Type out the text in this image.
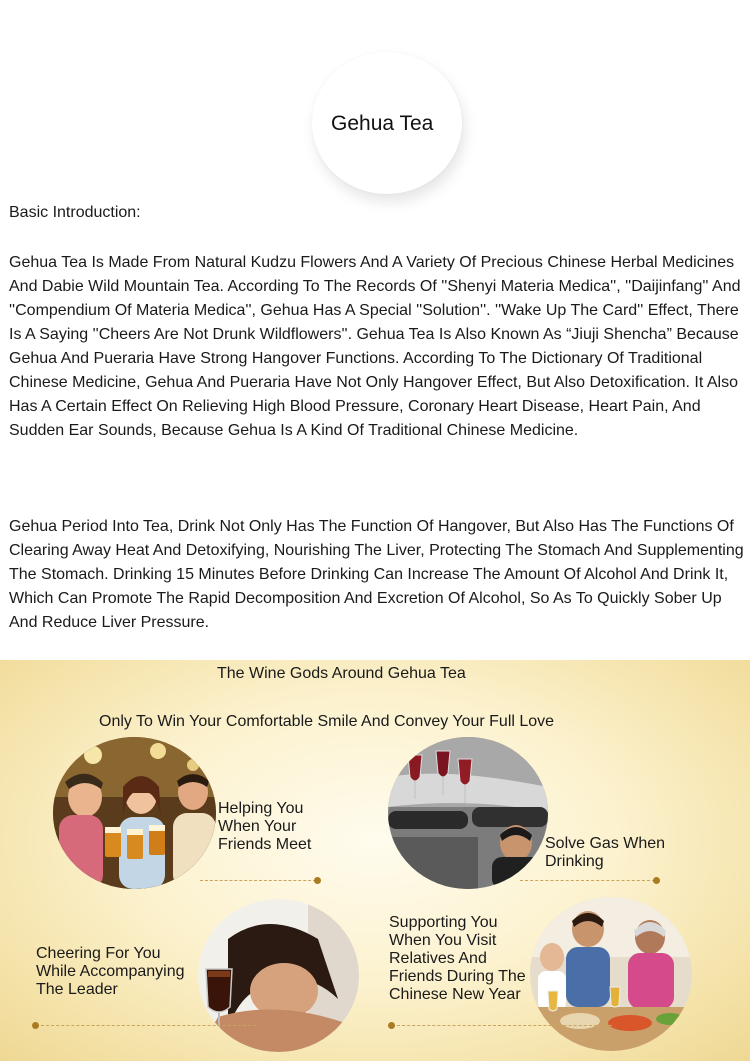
Gehua Tea
Basic Introduction:

Gehua Tea Is Made From Natural Kudzu Flowers And A Variety Of Precious Chinese Herbal Medicines And Dabie Wild Mountain Tea. According To The Records Of ''Shenyi Materia Medica'', ''Daijinfang'' And ''Compendium Of Materia Medica'', Gehua Has A Special ''Solution''. ''Wake Up The Card'' Effect, There Is A Saying ''Cheers Are Not Drunk Wildflowers''. Gehua Tea Is Also Known As “Jiuji Shencha” Because Gehua And Pueraria Have Strong Hangover Functions. According To The Dictionary Of Traditional Chinese Medicine, Gehua And Pueraria Have Not Only Hangover Effect, But Also Detoxification. It Also Has A Certain Effect On Relieving High Blood Pressure, Coronary Heart Disease, Heart Pain, And Sudden Ear Sounds, Because Gehua Is A Kind Of Traditional Chinese Medicine.

Gehua Period Into Tea, Drink Not Only Has The Function Of Hangover, But Also Has The Functions Of Clearing Away Heat And Detoxifying, Nourishing The Liver, Protecting The Stomach And Supplementing The Stomach. Drinking 15 Minutes Before Drinking Can Increase The Amount Of Alcohol And Drink It, Which Can Promote The Rapid Decomposition And Excretion Of Alcohol, So As To Quickly Sober Up And Reduce Liver Pressure.

The Wine Gods Around Gehua Tea
Only To Win Your Comfortable Smile And Convey Your Full Love

Helping You When Your Friends Meet	Solve Gas When Drinking

Cheering For You While Accompanying The Leader

Supporting You When You Visit Relatives And Friends During The Chinese New Year
